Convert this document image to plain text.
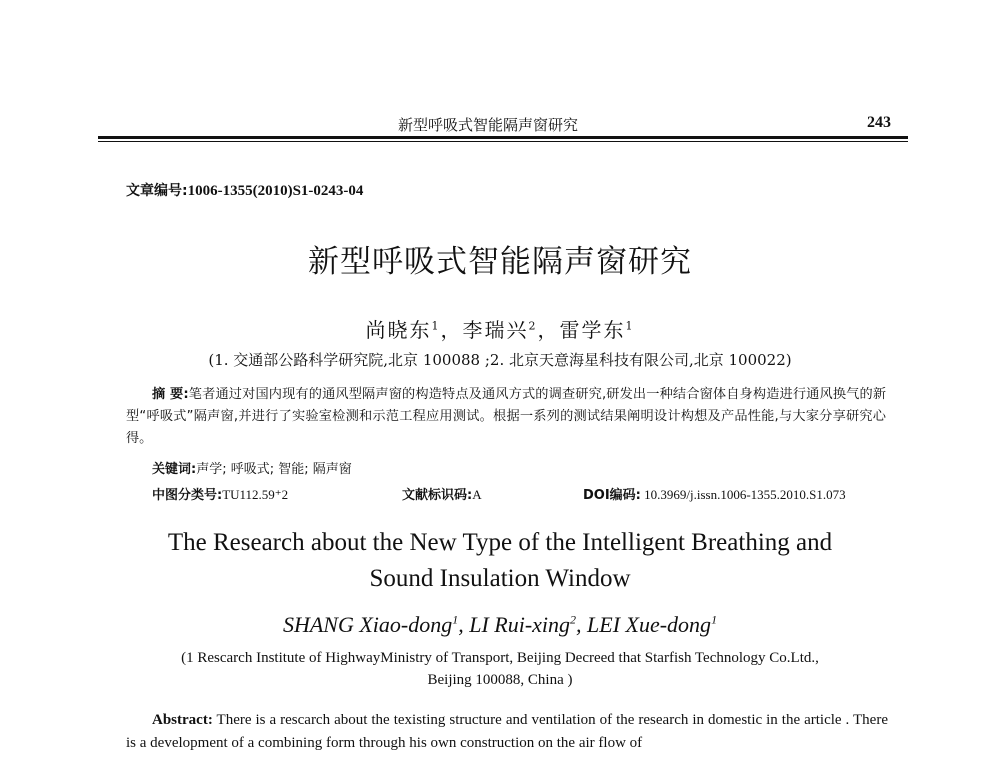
新型呼吸式智能隔声窗研究	243
文章编号:1006-1355(2010)S1-0243-04
新型呼吸式智能隔声窗研究
尚晓东$^1$，李瑞兴$^2$，雷学东$^1$
(1. 交通部公路科学研究院,北京 100088 ;2. 北京天意海星科技有限公司,北京 100022)
摘 要:笔者通过对国内现有的通风型隔声窗的构造特点及通风方式的调查研究,研发出一种结合窗体自身构造进行通风换气的新型“呼吸式”隔声窗,并进行了实验室检测和示范工程应用测试。根据一系列的测试结果阐明设计构想及产品性能,与大家分享研究心得。
关键词:声学; 呼吸式; 智能; 隔声窗
中图分类号:TU112.59⁺2	文献标识码:A	DOI编码: 10.3969/j.issn.1006-1355.2010.S1.073
The Research about the New Type of the Intelligent Breathing and
Sound Insulation Window
SHANG Xiao-dong$^1$, LI Rui-xing$^2$, LEI Xue-dong$^1$
(1 Rescarch Institute of HighwayMinistry of Transport, Beijing Decreed that Starfish Technology Co.Ltd.,
Beijing 100088, China )
Abstract: There is a rescarch about the texisting structure and ventilation of the research in domestic in the article . There is a development of a combining form through his own construction on the air flow of
